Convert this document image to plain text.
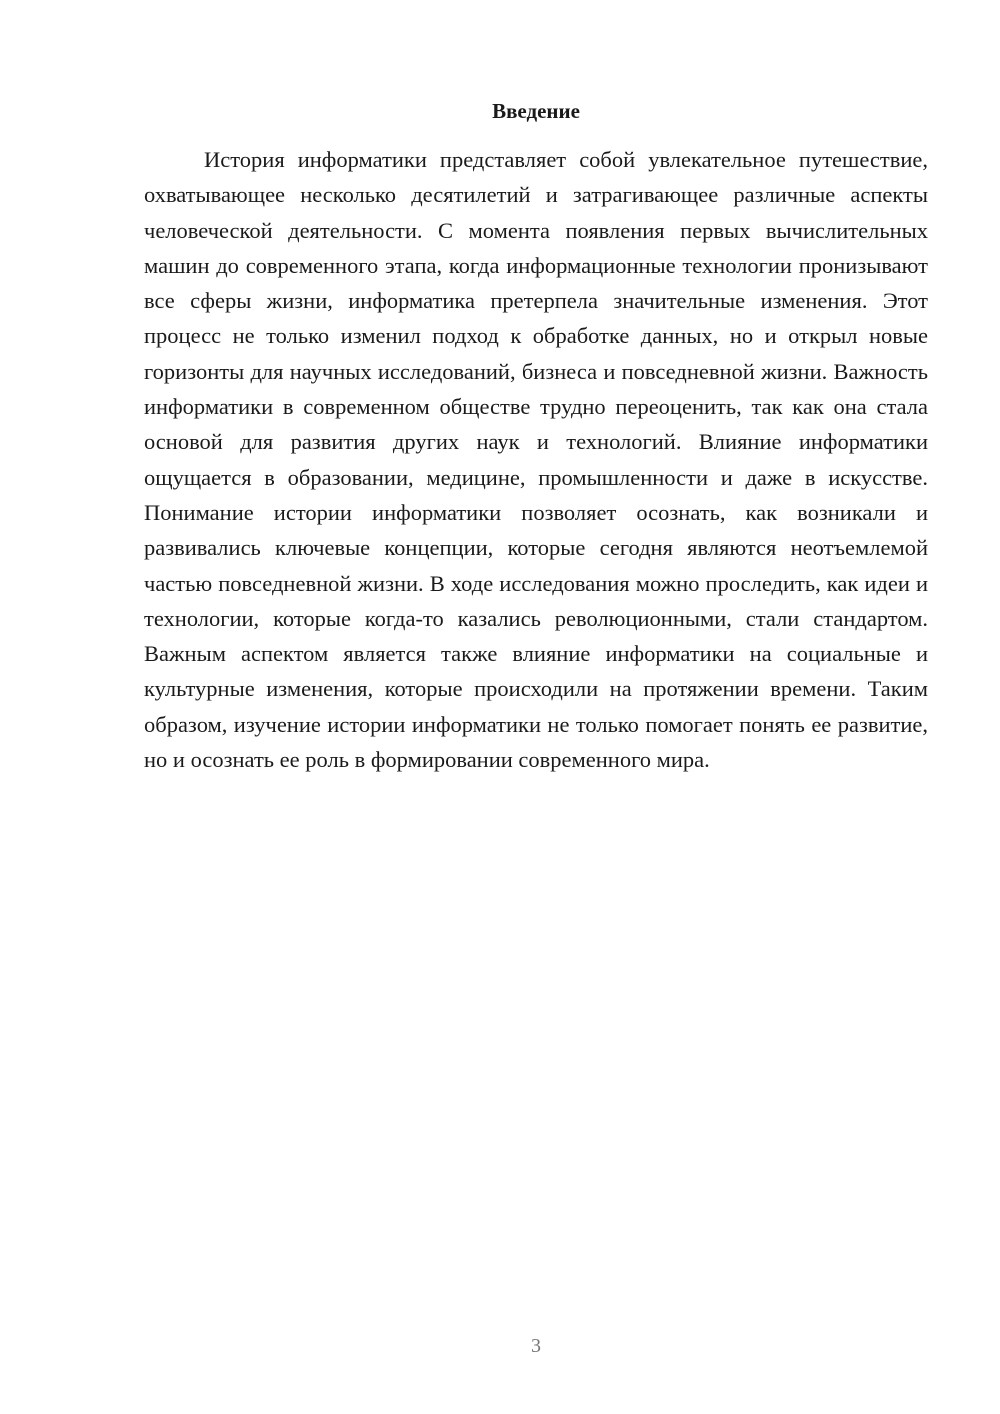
Введение

История информатики представляет собой увлекательное путешествие, охватывающее несколько десятилетий и затрагивающее различные аспекты человеческой деятельности. С момента появления первых вычислительных машин до современного этапа, когда информационные технологии пронизывают все сферы жизни, информатика претерпела значительные изменения. Этот процесс не только изменил подход к обработке данных, но и открыл новые горизонты для научных исследований, бизнеса и повседневной жизни. Важность информатики в современном обществе трудно переоценить, так как она стала основой для развития других наук и технологий. Влияние информатики ощущается в образовании, медицине, промышленности и даже в искусстве. Понимание истории информатики позволяет осознать, как возникали и развивались ключевые концепции, которые сегодня являются неотъемлемой частью повседневной жизни. В ходе исследования можно проследить, как идеи и технологии, которые когда-то казались революционными, стали стандартом. Важным аспектом является также влияние информатики на социальные и культурные изменения, которые происходили на протяжении времени. Таким образом, изучение истории информатики не только помогает понять ее развитие, но и осознать ее роль в формировании современного мира.

3
